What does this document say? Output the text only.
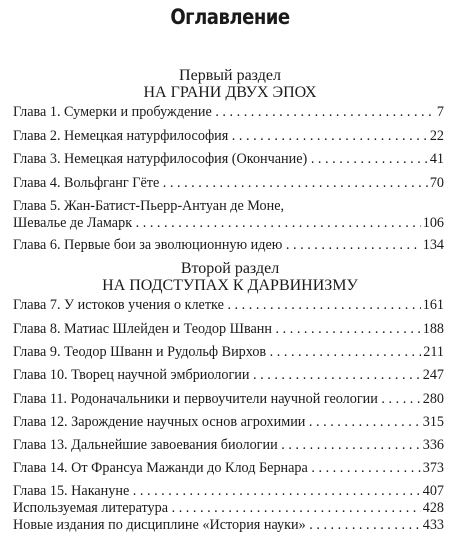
Оглавление
Первый раздел
НА ГРАНИ ДВУХ ЭПОХ
Глава 1. Сумерки и пробуждение . . .	7
Глава 2. Немецкая натурфилософия . . .	22
Глава 3. Немецкая натурфилософия (Окончание) . . .	41
Глава 4. Вольфганг Гёте . . .	70
Глава 5. Жан-Батист-Пьерр-Антуан де Моне,
Шевалье де Ламарк . . .	106
Глава 6. Первые бои за эволюционную идею . . .	134
Второй раздел
НА ПОДСТУПАХ К ДАРВИНИЗМУ
Глава 7. У истоков учения о клетке . . .	161
Глава 8. Матиас Шлейден и Теодор Шванн . . .	188
Глава 9. Теодор Шванн и Рудольф Вирхов . . .	211
Глава 10. Творец научной эмбриологии . . .	247
Глава 11. Родоначальники и первоучители научной геологии . . .	280
Глава 12. Зарождение научных основ агрохимии . . .	315
Глава 13. Дальнейшие завоевания биологии . . .	336
Глава 14. От Франсуа Мажанди до Клод Бернара . . .	373
Глава 15. Накануне . . .	407
Используемая литература . . .	428
Новые издания по дисциплине «История науки» . . .	433
